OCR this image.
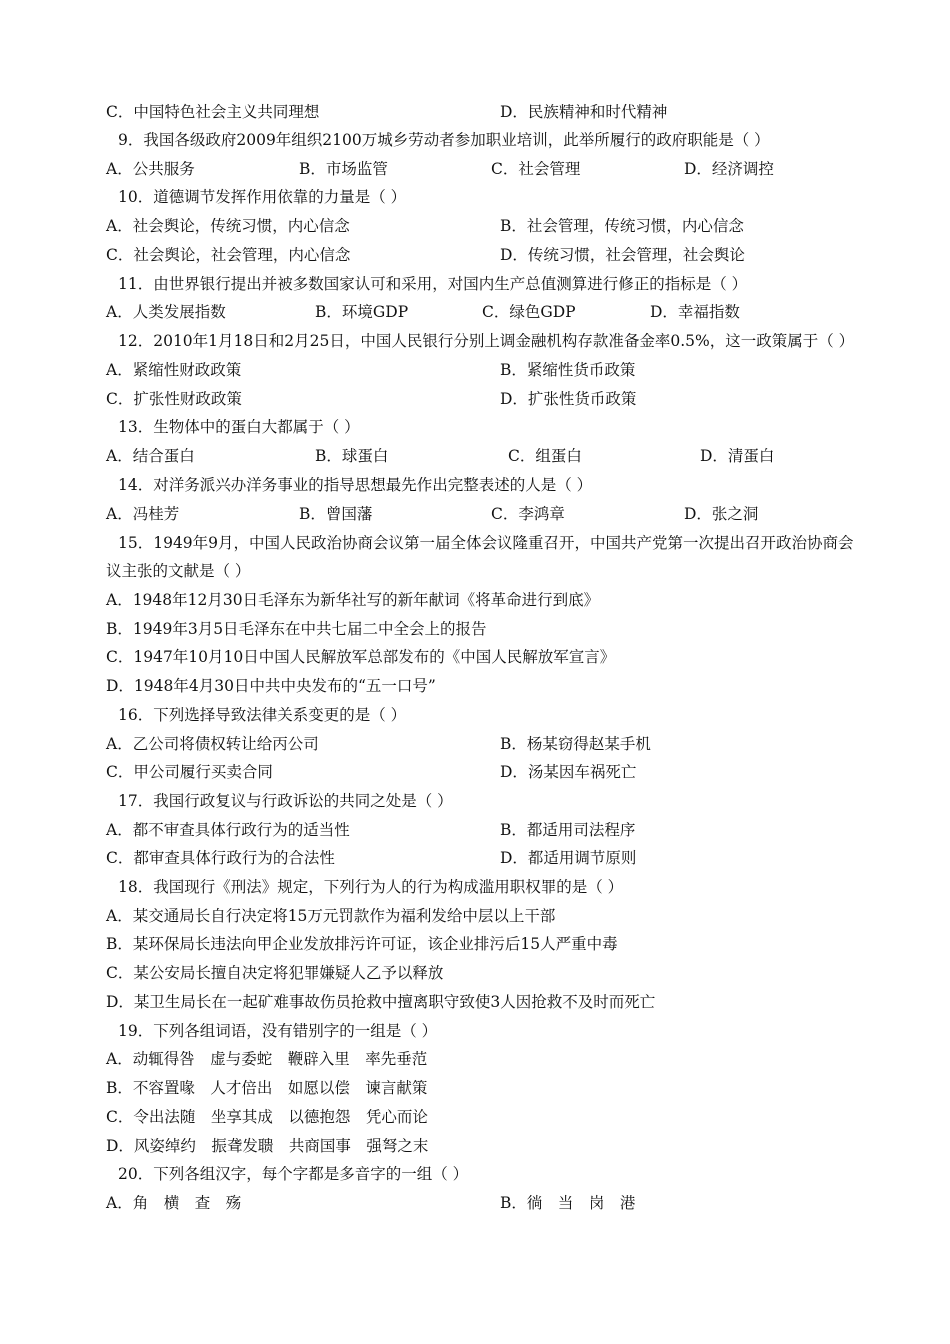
C．中国特色社会主义共同理想	D．民族精神和时代精神
9．我国各级政府2009年组织2100万城乡劳动者参加职业培训，此举所履行的政府职能是（ ）
A．公共服务	B．市场监管	C．社会管理	D．经济调控
10．道德调节发挥作用依靠的力量是（ ）
A．社会舆论，传统习惯，内心信念	B．社会管理，传统习惯，内心信念
C．社会舆论，社会管理，内心信念	D．传统习惯，社会管理，社会舆论
11．由世界银行提出并被多数国家认可和采用，对国内生产总值测算进行修正的指标是（ ）
A．人类发展指数	B．环境GDP	C．绿色GDP	D．幸福指数
12．2010年1月18日和2月25日，中国人民银行分别上调金融机构存款准备金率0.5%，这一政策属于（ ）
A．紧缩性财政政策	B．紧缩性货币政策
C．扩张性财政政策	D．扩张性货币政策
13．生物体中的蛋白大都属于（ ）
A．结合蛋白	B．球蛋白	C．组蛋白	D．清蛋白
14．对洋务派兴办洋务事业的指导思想最先作出完整表述的人是（ ）
A．冯桂芳	B．曾国藩	C．李鸿章	D．张之洞
15．1949年9月，中国人民政治协商会议第一届全体会议隆重召开，中国共产党第一次提出召开政治协商会
议主张的文献是（ ）
A．1948年12月30日毛泽东为新华社写的新年献词《将革命进行到底》
B．1949年3月5日毛泽东在中共七届二中全会上的报告
C．1947年10月10日中国人民解放军总部发布的《中国人民解放军宣言》
D．1948年4月30日中共中央发布的“五一口号”
16．下列选择导致法律关系变更的是（ ）
A．乙公司将债权转让给丙公司	B．杨某窃得赵某手机
C．甲公司履行买卖合同	D．汤某因车祸死亡
17．我国行政复议与行政诉讼的共同之处是（ ）
A．都不审查具体行政行为的适当性	B．都适用司法程序
C．都审查具体行政行为的合法性	D．都适用调节原则
18．我国现行《刑法》规定，下列行为人的行为构成滥用职权罪的是（ ）
A．某交通局长自行决定将15万元罚款作为福利发给中层以上干部
B．某环保局长违法向甲企业发放排污许可证，该企业排污后15人严重中毒
C．某公安局长擅自决定将犯罪嫌疑人乙予以释放
D．某卫生局长在一起矿难事故伤员抢救中擅离职守致使3人因抢救不及时而死亡
19．下列各组词语，没有错别字的一组是（ ）
A．动辄得咎　虚与委蛇　鞭辟入里　率先垂范
B．不容置喙　人才倍出　如愿以偿　谏言献策
C．令出法随　坐享其成　以德抱怨　凭心而论
D．风姿绰约　振聋发聩　共商国事　强弩之末
20．下列各组汉字，每个字都是多音字的一组（ ）
A．角　横　查　殇	B．徜　当　岗　港
